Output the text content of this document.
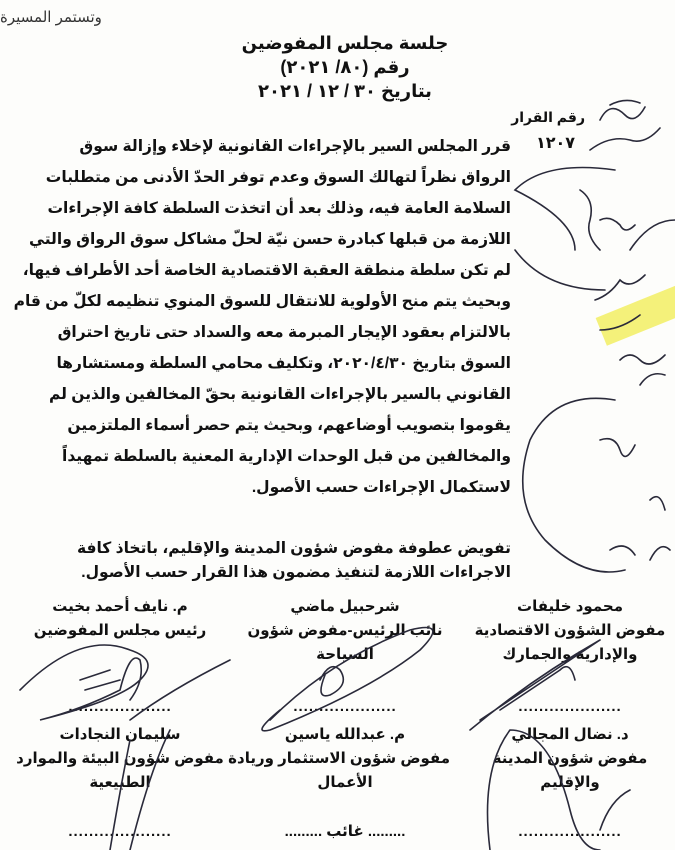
وتستمر المسيرة
جلسة مجلس المفوضين
رقم (٨٠/ ٢٠٢١)
بتاريخ ٣٠ / ١٢ / ٢٠٢١
رقم القرار
١٢٠٧
قرر المجلس السير بالإجراءات القانونية لإخلاء وإزالة سوق
الرواق نظراً لتهالك السوق وعدم توفر الحدّ الأدنى من متطلبات
السلامة العامة فيه، وذلك بعد أن اتخذت السلطة كافة الإجراءات
اللازمة من قبلها كبادرة حسن نيّة لحلّ مشاكل سوق الرواق والتي
لم تكن سلطة منطقة العقبة الاقتصادية الخاصة أحد الأطراف فيها،
وبحيث يتم منح الأولوية للانتقال للسوق المنوي تنظيمه لكلّ من قام
بالالتزام بعقود الإيجار المبرمة معه والسداد حتى تاريخ احتراق
السوق بتاريخ ٢٠٢٠/٤/٣٠، وتكليف محامي السلطة ومستشارها
القانوني بالسير بالإجراءات القانونية بحقّ المخالفين والذين لم
يقوموا بتصويب أوضاعهم، وبحيث يتم حصر أسماء الملتزمين
والمخالفين من قبل الوحدات الإدارية المعنية بالسلطة تمهيداً
لاستكمال الإجراءات حسب الأصول.
تفويض عطوفة مفوض شؤون المدينة والإقليم، باتخاذ كافة
الاجراءات اللازمة لتنفيذ مضمون هذا القرار حسب الأصول.
م. نايف أحمد بخيت
رئيس مجلس المفوضين
....................
شرحبيل ماضي
نائب الرئيس-مفوض شؤون
السياحة
....................
محمود خليفات
مفوض الشؤون الاقتصادية
والإدارية والجمارك
....................
سليمان النجادات
مفوض شؤون البيئة والموارد
الطبيعية
....................
م. عبدالله ياسين
مفوض شؤون الاستثمار وريادة
الأعمال
......... غائب .........
د. نضال المجالي
مفوض شؤون المدينة
والإقليم
....................
